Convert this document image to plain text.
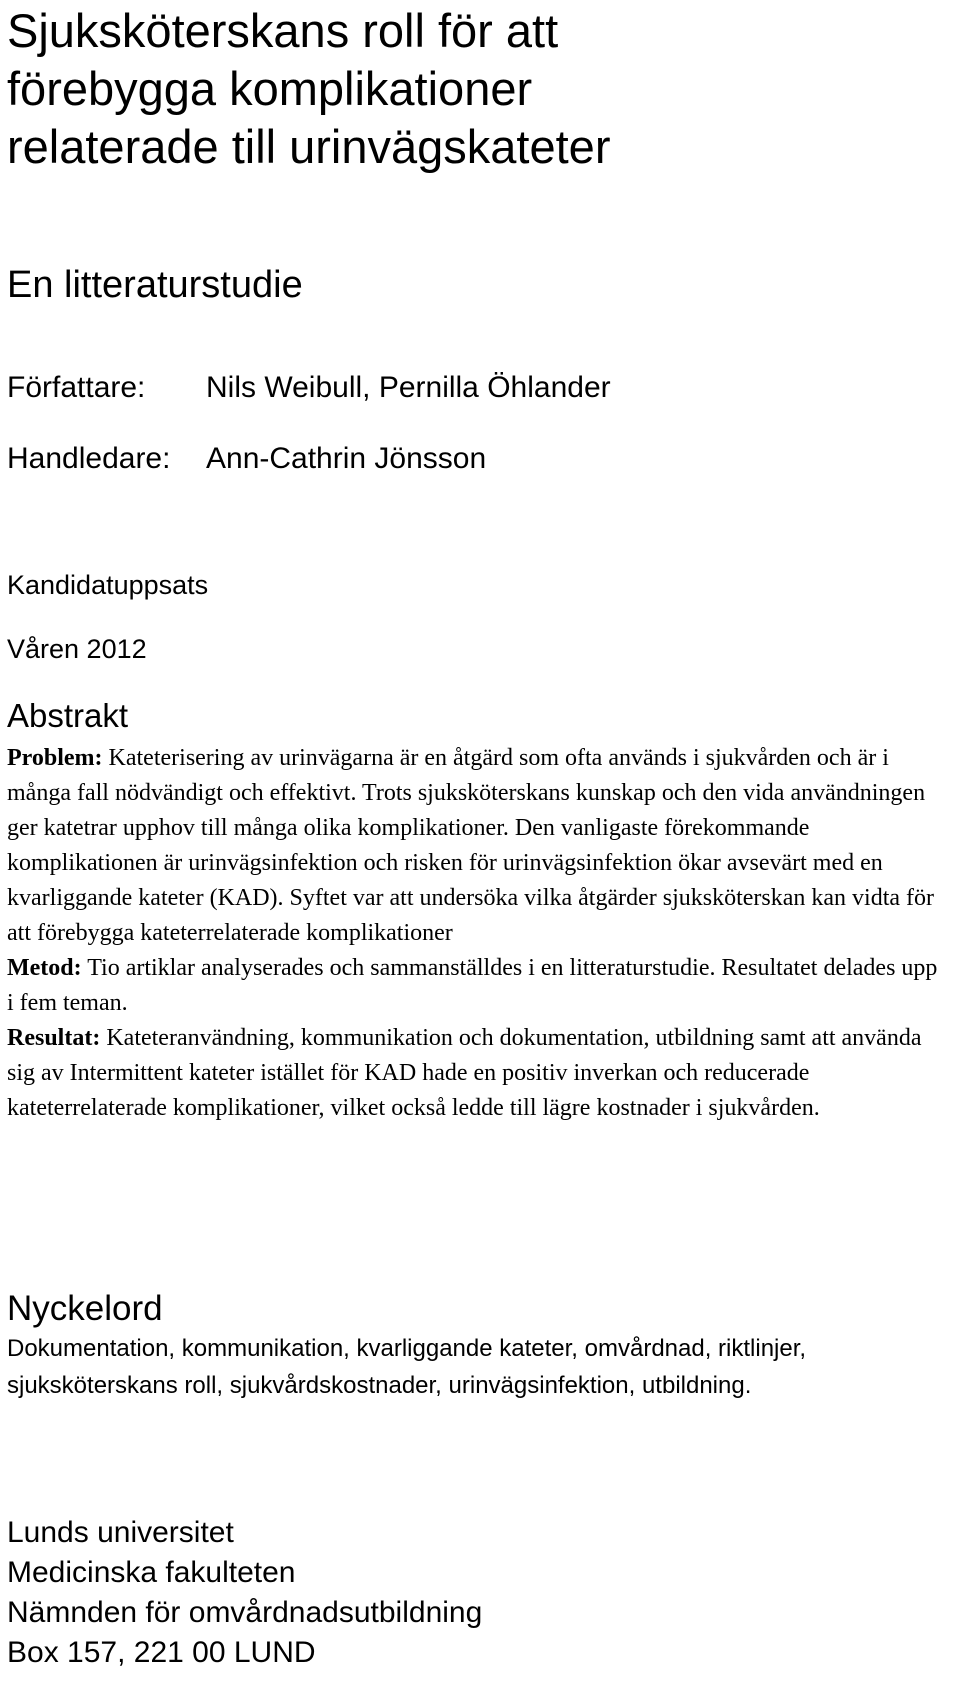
Sjuksköterskans roll för att
förebygga komplikationer
relaterade till urinvägskateter
En litteraturstudie
Författare: Nils Weibull, Pernilla Öhlander
Handledare: Ann-Cathrin Jönsson
Kandidatuppsats
Våren 2012
Abstrakt
Problem: Kateterisering av urinvägarna är en åtgärd som ofta används i sjukvården och är i många fall nödvändigt och effektivt. Trots sjuksköterskans kunskap och den vida användningen ger katetrar upphov till många olika komplikationer. Den vanligaste förekommande komplikationen är urinvägsinfektion och risken för urinvägsinfektion ökar avsevärt med en kvarliggande kateter (KAD). Syftet var att undersöka vilka åtgärder sjuksköterskan kan vidta för att förebygga kateterrelaterade komplikationer
Metod: Tio artiklar analyserades och sammanställdes i en litteraturstudie. Resultatet delades upp i fem teman.
Resultat: Kateteranvändning, kommunikation och dokumentation, utbildning samt att använda sig av Intermittent kateter istället för KAD hade en positiv inverkan och reducerade kateterrelaterade komplikationer, vilket också ledde till lägre kostnader i sjukvården.
Nyckelord

Dokumentation, kommunikation, kvarliggande kateter, omvårdnad, riktlinjer, sjuksköterskans roll, sjukvårdskostnader, urinvägsinfektion, utbildning.

Lunds universitet
Medicinska fakulteten
Nämnden för omvårdnadsutbildning
Box 157, 221 00 LUND
